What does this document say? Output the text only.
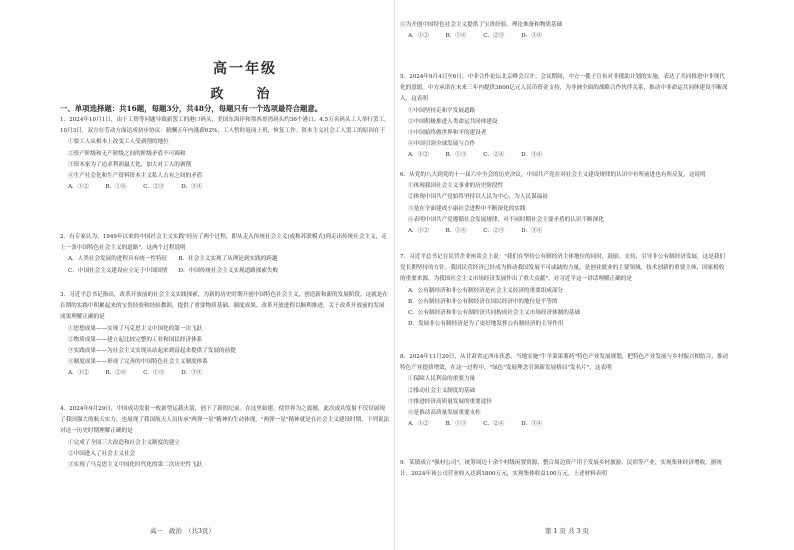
高一年级
政　治
一、单项选择题：共16题，每题3分，共48分，每题只有一个选项最符合题意。

1．2024年10月1日，由于工资等问题导致新罢工的港口码头，美国东海岸和墨西哥湾码头约36个港口、4.5万名码头工人举行罢工。10月3日，双方在劳动方面达成初步协议：薪酬五年内涨薪62%，工人暂时返岗上班，恢复工作。资本主义社会工人罢工的原因在于

①要工人从根本上改变工人受剥削的地位

②资产阶级和无产阶级之间的阶级矛盾不可调和

③资本家为了追求利润最大化，加大对工人的剥削

④生产社会化和生产资料资本主义私人占有之间的矛盾

A．①②　　　B．①④　　　C．②③　　　D．③④

2．有专家认为，1949年以来的中国社会主义实践"经历了两个过程，即从走入传统社会主义(或称苏联模式)到走出传统社会主义，走上一条中国特色社会主义的道路"，这两个过程说明

A．人类社会发展的进程具有统一性特征　　B．社会主义实现了从理论到实践的跨越

C．中国社会主义建设应立足于中国国情　　D．中国传统社会主义实现道路探索失败

3．习近平总书记指出，改革开放前的社会主义实践探索，为新的历史时期开创中国特色社会主义，创造新和新的发展阶段，这就是在长期的实践中积累起来的宝贵经验和经验教训，提供了重要物质基础、制度成果。改革开放进程以顺利推进，关于改革开放前的发展成果理解正确的是

①思想成果——实现了马克思主义中国化的第一次飞跃

②物质成果——建立起比较完整的工业和国民经济体系

③实践成果——为社会主义实现从站起来到富起来提供了发展的前提

④制度成果——形成了完善的中国特色社会主义制度体系

A．①②　　　B．②④　　　C．①③　　　D．③④

4．2024年9月29日，中国成功发射一枚新型运载火箭，创下了新的纪录。在这里始建，使世界为之震撼，此次成功发射不仅仅展现了我国强大的航天实力，也展现了我国航天人员传承"两弹一星"精神的生动体现。"两弹一星"精神就是在社会主义建设时期，下列说法对这一历史时期理解正确的是

①完成了全国三大改造和社会主义制度的建立

②中国进入了社会主义社会

③实现了马克思主义中国化时代化的第二次历史性飞跃

④为开创中国特色社会主义提供了宝贵经验、理论准备和物质基础

A．①②　　　B．①④　　　C．②③　　　D．③④

5．2024年9月4日至6日，中非合作论坛北京峰会召开。会议期间，中方一揽子宣布对非援助计划的实施，表达了共同推进中非现代化的意愿。中方承诺在未来三年内提供3600亿元人民币资金支持，为非洲全面的战略合作伙伴关系，推动中非命运共同体建设不断深入，这表明

①中国坚持走和平发展道路

②中国积极推进人类命运共同体建设

③中国始终做世界和平的建设者

④中国引领全球发展与合作

A．①②　　　B．①③　　　C．②④　　　D．③④

6．从党的八大到党的十一届六中全会的历史决议，中国共产党在对社会主义建设规律的认识中有所前进也有所反复，这说明

①体现我国社会主义事业的历史阶段性

②体现中国共产党始终坚持以人民为中心，为人民谋福祉

③是在全面建成小康社会进程中不断深化的实践

④表明中国共产党遵循社会发展规律，对不同时期社会主要矛盾的认识不断深化

A．①②　　　B．①④　　　C．②③　　　D．③④

7．习近平总书记在民营企业座谈会上说："我们在坚持公有制经济主体地位的同时，鼓励、支持、引导非公有制经济发展，这是我们党长期坚持的方针。我国民营经济已经成为推动我国发展不可或缺的力量，是创业就业的主要领域、技术创新的重要主体、国家税收的重要来源，为我国社会主义市场经济发展作出了重大贡献"。对习近平这一讲话理解正确的是

A．公有制经济和非公有制经济是社会主义经济的重要组成部分

B．公有制经济和非公有制经济在国民经济中的地位是平等的

C．公有制经济和非公有制经济共同构成社会主义市场经济体制的基础

D．发展非公有制经济是为了更好地发挥公有制经济的主导作用

8．2024年11月20日，从甘肃省定西市获悉，当地实施"牛羊菜果薯药"特色产业发展规划，把特色产业发展与乡村振兴相结合，推动特色产业提质增效，在这一过程中，"绿色"发展理念引领新发展格局"发名片"，这表明

①保障人民利益的重要力量

②推动社会主义制度的基础

③推进经济高质量发展的重要途径

④是推动高质量发展重要支柱

A．①②　　　B．①③　　　C．②④　　　D．③④

9．某镇成立"强村公司"，统筹周边十余个村级闲置资源，整合周边资产用于发展乡村旅游、民宿等产业，实现集体经济增收。据统计，2024年该公司营业收入达到1800万元，实现集体收益100万元。上述材料表明

高一　政治　（共3页）	第 1 页 共 3 页
